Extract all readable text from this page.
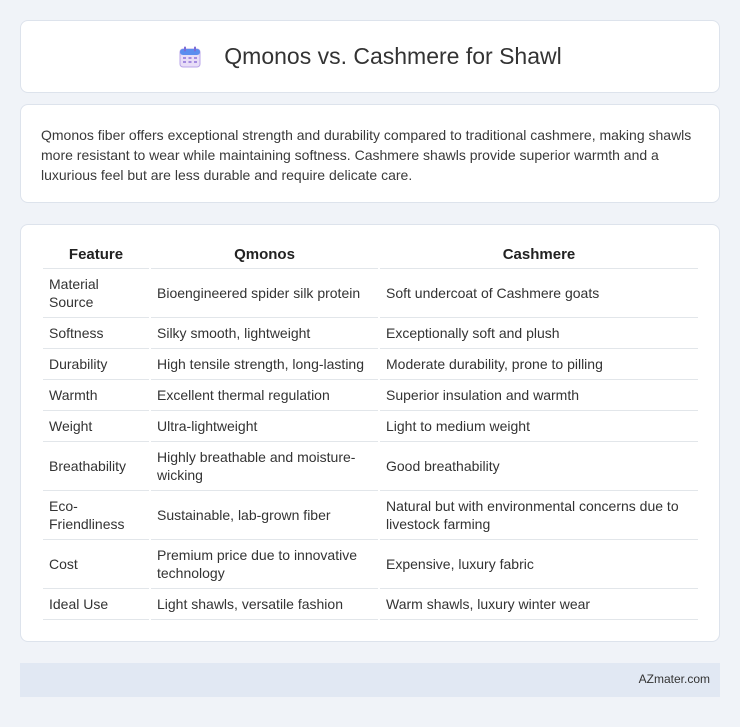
Qmonos vs. Cashmere for Shawl

Qmonos fiber offers exceptional strength and durability compared to traditional cashmere, making shawls more resistant to wear while maintaining softness. Cashmere shawls provide superior warmth and a luxurious feel but are less durable and require delicate care.

Feature	Qmonos	Cashmere
Material Source	Bioengineered spider silk protein	Soft undercoat of Cashmere goats
Softness	Silky smooth, lightweight	Exceptionally soft and plush
Durability	High tensile strength, long-lasting	Moderate durability, prone to pilling
Warmth	Excellent thermal regulation	Superior insulation and warmth
Weight	Ultra-lightweight	Light to medium weight
Breathability	Highly breathable and moisture-wicking	Good breathability
Eco-Friendliness	Sustainable, lab-grown fiber	Natural but with environmental concerns due to livestock farming
Cost	Premium price due to innovative technology	Expensive, luxury fabric
Ideal Use	Light shawls, versatile fashion	Warm shawls, luxury winter wear
AZmater.com
